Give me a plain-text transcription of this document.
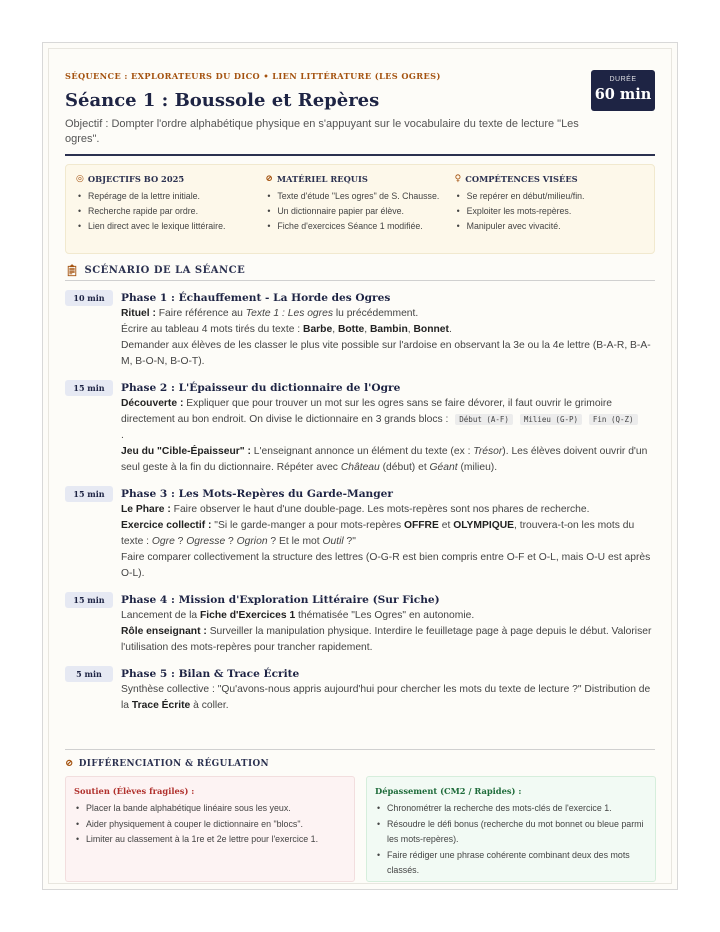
SÉQUENCE : EXPLORATEURS DU DICO • LIEN LITTÉRATURE (LES OGRES)
Séance 1 : Boussole et Repères
Objectif : Dompter l'ordre alphabétique physique en s'appuyant sur le vocabulaire du texte de lecture "Les ogres".
DURÉE
60 min
◎ OBJECTIFS BO 2025
• Repérage de la lettre initiale.
• Recherche rapide par ordre.
• Lien direct avec le lexique littéraire.
⊘ MATÉRIEL REQUIS
• Texte d'étude "Les ogres" de S. Chausse.
• Un dictionnaire papier par élève.
• Fiche d'exercices Séance 1 modifiée.
♀ COMPÉTENCES VISÉES
• Se repérer en début/milieu/fin.
• Exploiter les mots-repères.
• Manipuler avec vivacité.
📋︎ SCÉNARIO DE LA SÉANCE
10 min	Phase 1 : Échauffement - La Horde des Ogres

Rituel : Faire référence au Texte 1 : Les ogres lu précédemment.

Écrire au tableau 4 mots tirés du texte : Barbe, Botte, Bambin, Bonnet.

Demander aux élèves de les classer le plus vite possible sur l'ardoise en observant la 3e ou la 4e lettre (B-A-R, B-A-M, B-O-N, B-O-T).

15 min	Phase 2 : L'Épaisseur du dictionnaire de l'Ogre

Découverte : Expliquer que pour trouver un mot sur les ogres sans se faire dévorer, il faut ouvrir le grimoire directement au bon endroit. On divise le dictionnaire en 3 grands blocs : Début (A-F) Milieu (G-P) Fin (Q-Z)
.

Jeu du "Cible-Épaisseur" : L'enseignant annonce un élément du texte (ex : Trésor). Les élèves doivent ouvrir d'un seul geste à la fin du dictionnaire. Répéter avec Château (début) et Géant (milieu).

15 min	Phase 3 : Les Mots-Repères du Garde-Manger

Le Phare : Faire observer le haut d'une double-page. Les mots-repères sont nos phares de recherche.

Exercice collectif : "Si le garde-manger a pour mots-repères OFFRE et OLYMPIQUE, trouvera-t-on les mots du texte : Ogre ? Ogresse ? Ogrion ? Et le mot Outil ?"

Faire comparer collectivement la structure des lettres (O-G-R est bien compris entre O-F et O-L, mais O-U est après O-L).

15 min	Phase 4 : Mission d'Exploration Littéraire (Sur Fiche)

Lancement de la Fiche d'Exercices 1 thématisée "Les Ogres" en autonomie.

Rôle enseignant : Surveiller la manipulation physique. Interdire le feuilletage page à page depuis le début. Valoriser l'utilisation des mots-repères pour trancher rapidement.

5 min	Phase 5 : Bilan & Trace Écrite

Synthèse collective : "Qu'avons-nous appris aujourd'hui pour chercher les mots du texte de lecture ?" Distribution de la Trace Écrite à coller.

⊘ DIFFÉRENCIATION & RÉGULATION
Soutien (Élèves fragiles) :
• Placer la bande alphabétique linéaire sous les yeux.
• Aider physiquement à couper le dictionnaire en "blocs".
• Limiter au classement à la 1re et 2e lettre pour l'exercice 1.
Dépassement (CM2 / Rapides) :
• Chronométrer la recherche des mots-clés de l'exercice 1.
• Résoudre le défi bonus (recherche du mot bonnet ou bleue parmi les mots-repères).
• Faire rédiger une phrase cohérente combinant deux des mots classés.
